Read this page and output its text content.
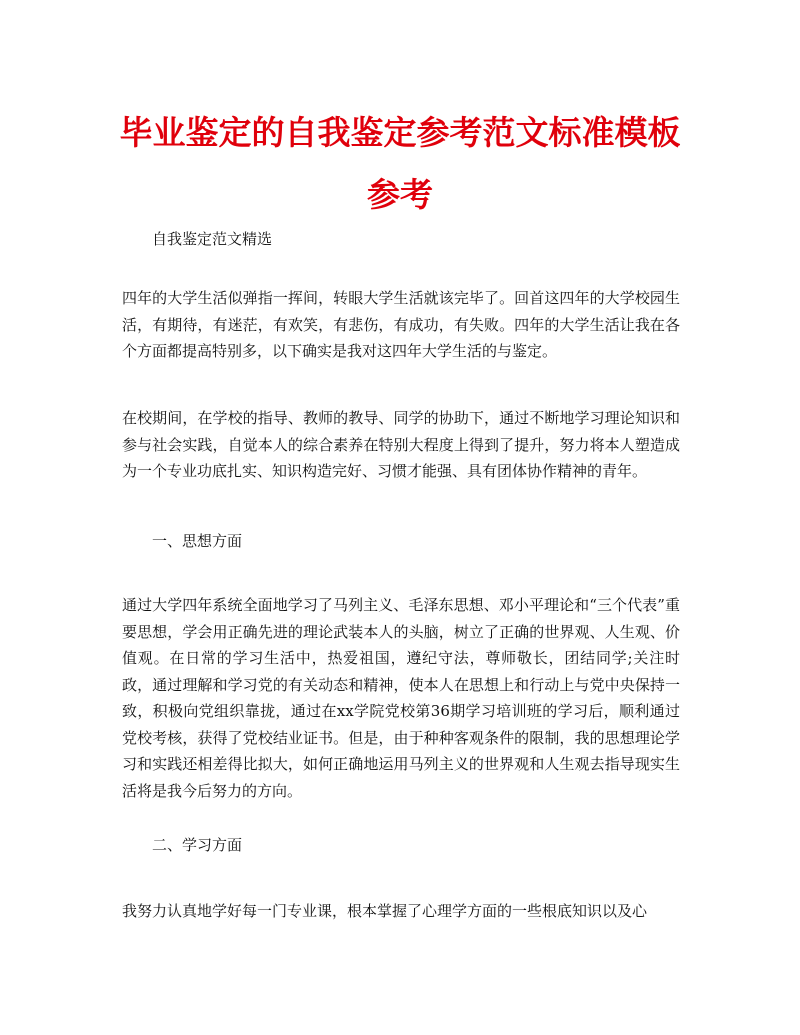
毕业鉴定的自我鉴定参考范文标准模板参考

自我鉴定范文精选

四年的大学生活似弹指一挥间，转眼大学生活就该完毕了。回首这四年的大学校园生活，有期待，有迷茫，有欢笑，有悲伤，有成功，有失败。四年的大学生活让我在各个方面都提高特别多，以下确实是我对这四年大学生活的与鉴定。

在校期间，在学校的指导、教师的教导、同学的协助下，通过不断地学习理论知识和参与社会实践，自觉本人的综合素养在特别大程度上得到了提升，努力将本人塑造成为一个专业功底扎实、知识构造完好、习惯才能强、具有团体协作精神的青年。

一、思想方面

通过大学四年系统全面地学习了马列主义、毛泽东思想、邓小平理论和“三个代表”重要思想，学会用正确先进的理论武装本人的头脑，树立了正确的世界观、人生观、价值观。在日常的学习生活中，热爱祖国，遵纪守法，尊师敬长，团结同学;关注时政，通过理解和学习党的有关动态和精神，使本人在思想上和行动上与党中央保持一致，积极向党组织靠拢，通过在xx学院党校第36期学习培训班的学习后，顺利通过党校考核，获得了党校结业证书。但是，由于种种客观条件的限制，我的思想理论学习和实践还相差得比拟大，如何正确地运用马列主义的世界观和人生观去指导现实生活将是我今后努力的方向。

二、学习方面

我努力认真地学好每一门专业课，根本掌握了心理学方面的一些根底知识以及心
